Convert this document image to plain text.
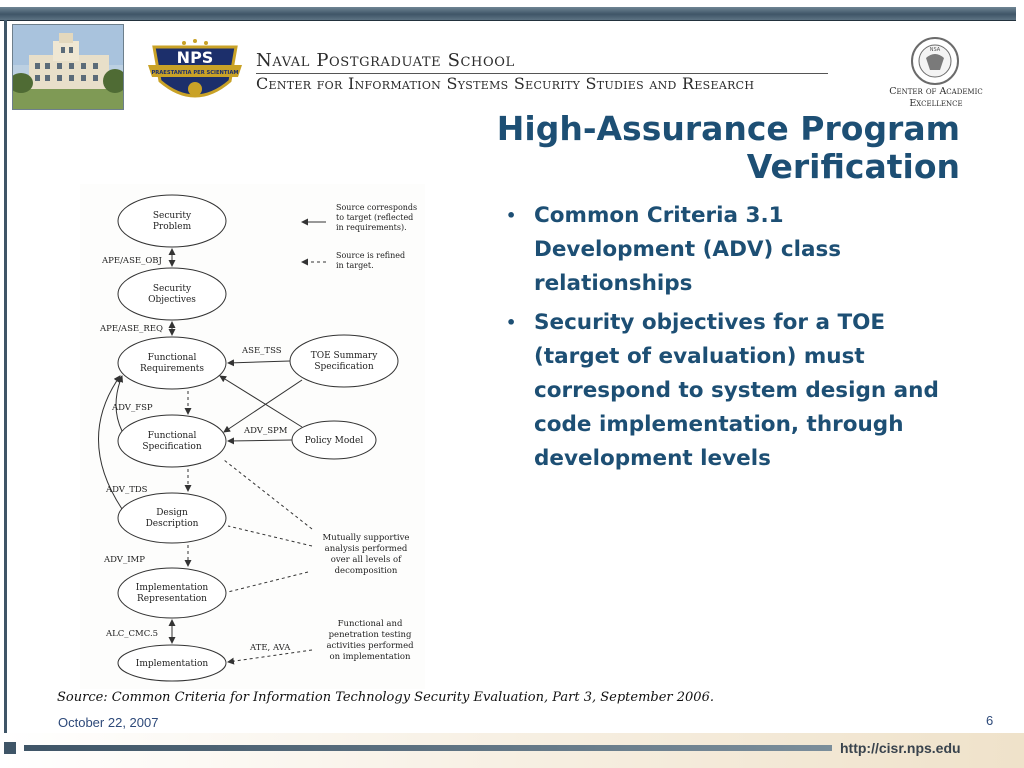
NPS
PRAESTANTIA PER SCIENTIAM
Naval Postgraduate School
Center for Information Systems Security Studies and Research
NSA
Center of Academic
Excellence
High-Assurance Program
Verification
Security
Problem
Security
Objectives
Functional
Requirements
Functional
Specification
Design
Description
Implementation
Representation
Implementation
TOE Summary
Specification
Policy Model
APE/ASE_OBJ
APE/ASE_REQ
ASE_TSS
ADV_FSP
ADV_SPM
ADV_TDS
ADV_IMP
ALC_CMC.5
ATE, AVA
Source corresponds
to target (reflected
in requirements).
Source is refined
in target.
Mutually supportive
analysis performed
over all levels of
decomposition
Functional and
penetration testing
activities performed
on implementation
• Common Criteria 3.1 Development (ADV) class relationships
• Security objectives for a TOE (target of evaluation) must correspond to system design and code implementation, through development levels
Source: Common Criteria for Information Technology Security Evaluation, Part 3, September 2006.
October 22, 2007	6
http://cisr.nps.edu
